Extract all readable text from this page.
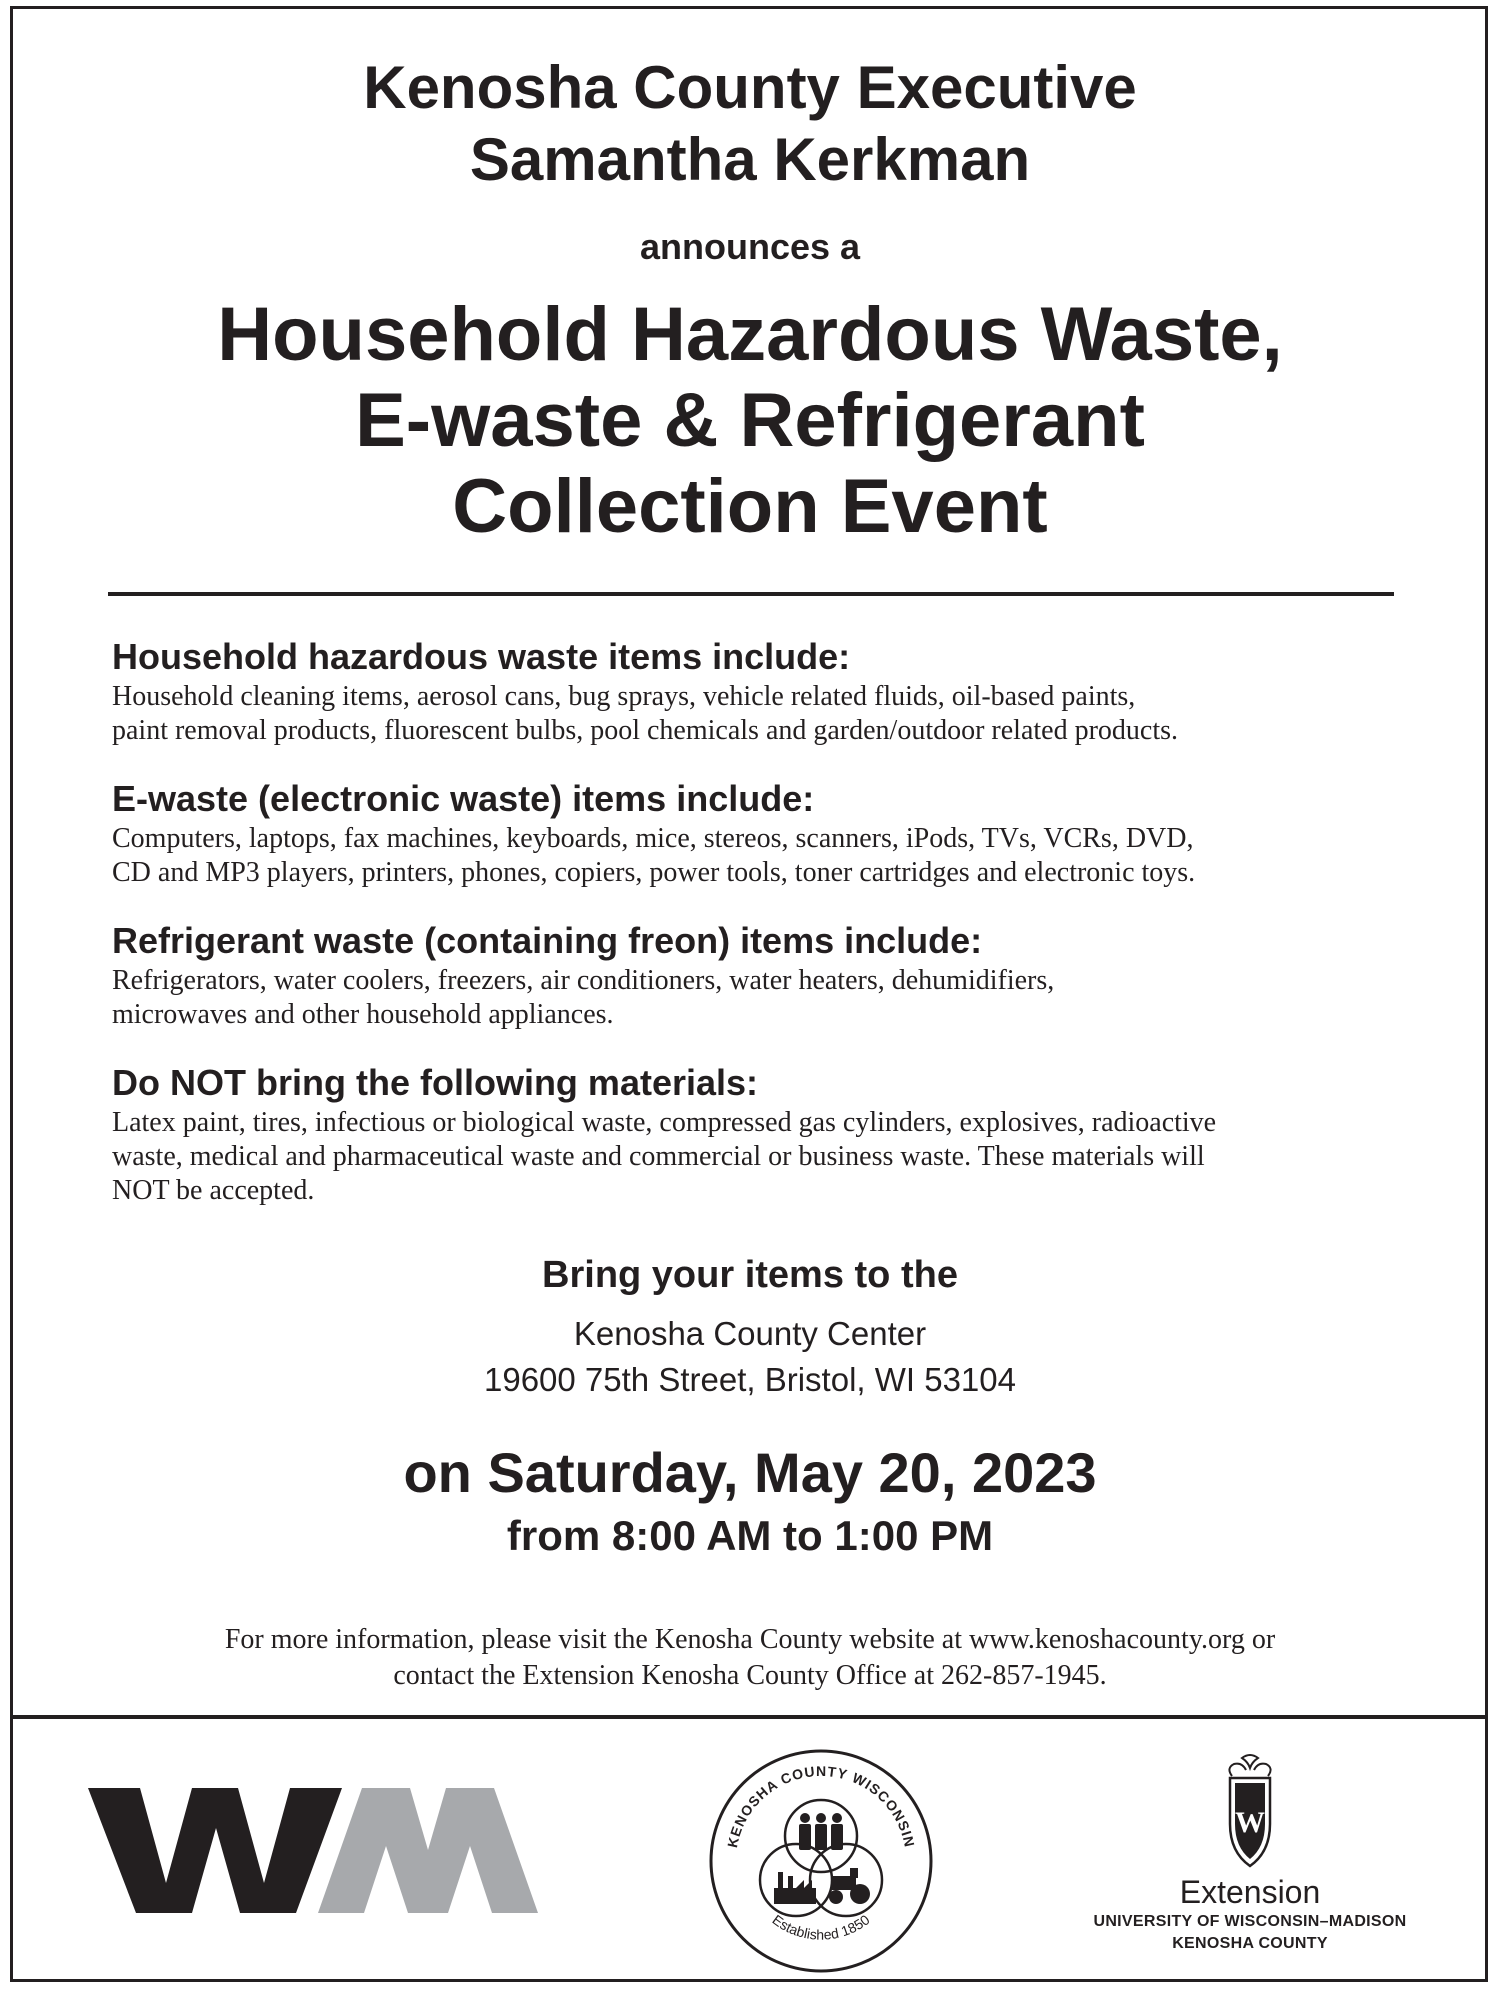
Kenosha County Executive
Samantha Kerkman
announces a
Household Hazardous Waste,
E-waste & Refrigerant
Collection Event
Household hazardous waste items include:

Household cleaning items, aerosol cans, bug sprays, vehicle related fluids, oil-based paints,
paint removal products, fluorescent bulbs, pool chemicals and garden/outdoor related products.

E-waste (electronic waste) items include:

Computers, laptops, fax machines, keyboards, mice, stereos, scanners, iPods, TVs, VCRs, DVD,
CD and MP3 players, printers, phones, copiers, power tools, toner cartridges and electronic toys.

Refrigerant waste (containing freon) items include:

Refrigerators, water coolers, freezers, air conditioners, water heaters, dehumidifiers,
microwaves and other household appliances.

Do NOT bring the following materials:

Latex paint, tires, infectious or biological waste, compressed gas cylinders, explosives, radioactive
waste, medical and pharmaceutical waste and commercial or business waste. These materials will
NOT be accepted.

Bring your items to the
Kenosha County Center
19600 75th Street, Bristol, WI 53104
on Saturday, May 20, 2023
from 8:00 AM to 1:00 PM
For more information, please visit the Kenosha County website at www.kenoshacounty.org or
contact the Extension Kenosha County Office at 262-857-1945.
KENOSHA COUNTY WISCONSIN
Established 1850
W
Extension
UNIVERSITY OF WISCONSIN–MADISON
KENOSHA COUNTY
